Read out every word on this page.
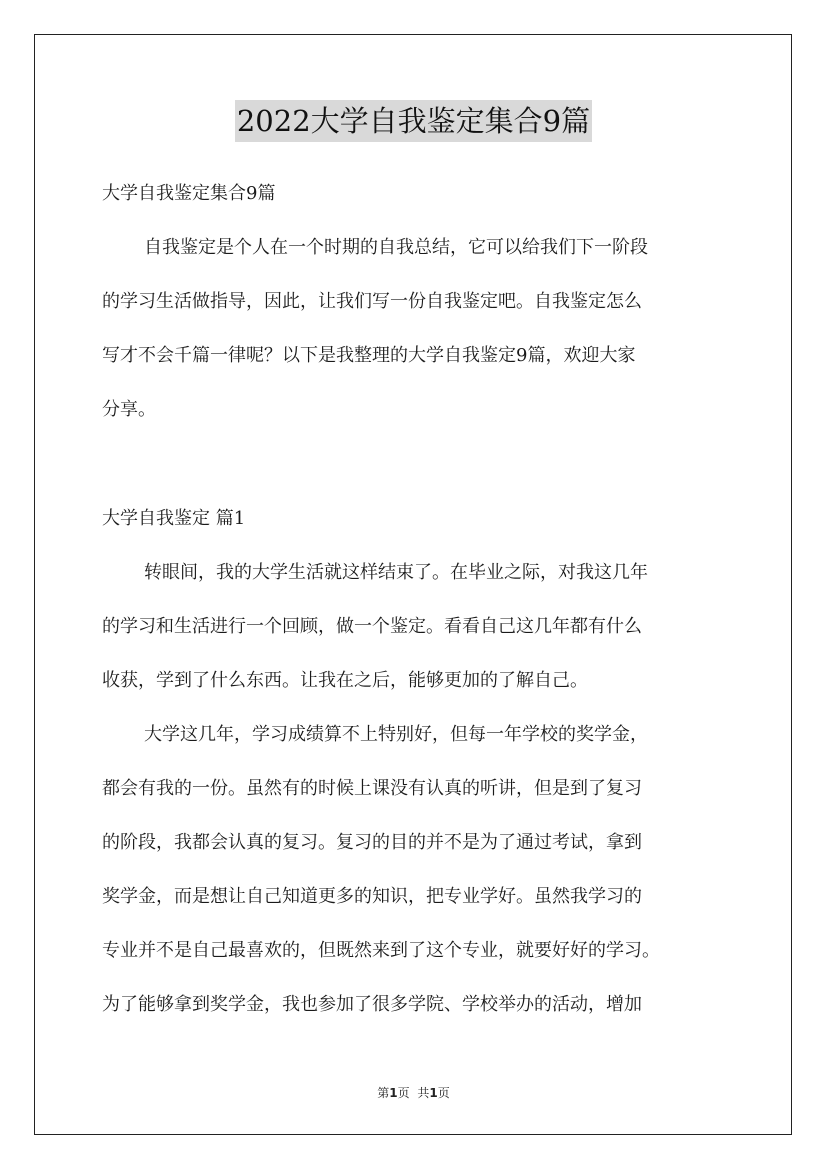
2022大学自我鉴定集合9篇
大学自我鉴定集合9篇
自我鉴定是个人在一个时期的自我总结，它可以给我们下一阶段
的学习生活做指导，因此，让我们写一份自我鉴定吧。自我鉴定怎么
写才不会千篇一律呢？以下是我整理的大学自我鉴定9篇，欢迎大家
分享。
大学自我鉴定 篇1
转眼间，我的大学生活就这样结束了。在毕业之际，对我这几年
的学习和生活进行一个回顾，做一个鉴定。看看自己这几年都有什么
收获，学到了什么东西。让我在之后，能够更加的了解自己。
大学这几年，学习成绩算不上特别好，但每一年学校的奖学金，
都会有我的一份。虽然有的时候上课没有认真的听讲，但是到了复习
的阶段，我都会认真的复习。复习的目的并不是为了通过考试，拿到
奖学金，而是想让自己知道更多的知识，把专业学好。虽然我学习的
专业并不是自己最喜欢的，但既然来到了这个专业，就要好好的学习。
为了能够拿到奖学金，我也参加了很多学院、学校举办的活动，增加
第1页 共1页
